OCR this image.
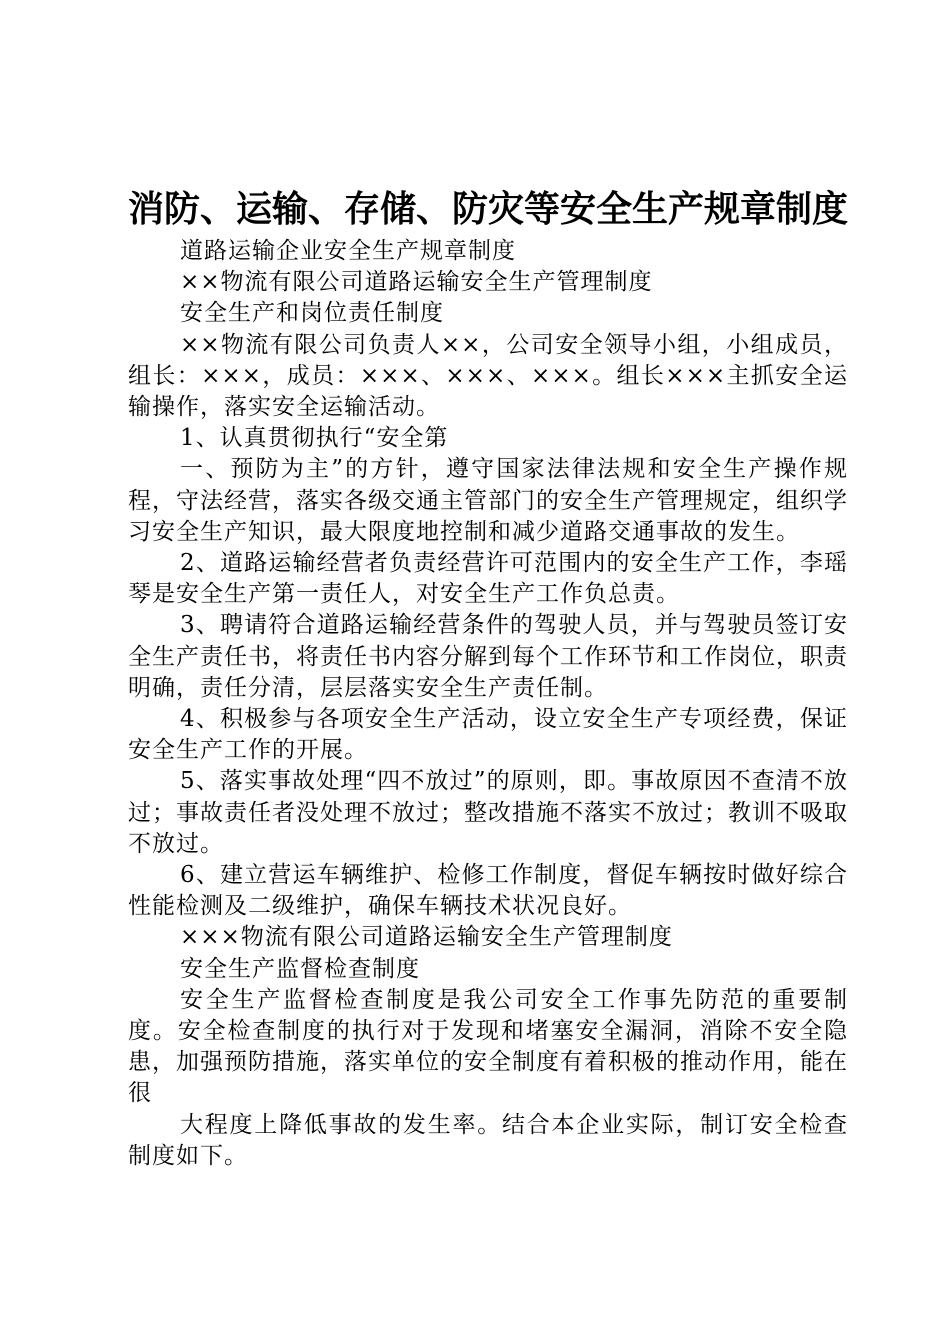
消防、运输、存储、防灾等安全生产规章制度

道路运输企业安全生产规章制度

××物流有限公司道路运输安全生产管理制度

安全生产和岗位责任制度

××物流有限公司负责人××，公司安全领导小组，小组成员，组长：×××，成员：×××、×××、×××。组长×××主抓安全运输操作，落实安全运输活动。

1、认真贯彻执行“安全第

一、预防为主”的方针，遵守国家法律法规和安全生产操作规程，守法经营，落实各级交通主管部门的安全生产管理规定，组织学习安全生产知识，最大限度地控制和减少道路交通事故的发生。

2、道路运输经营者负责经营许可范围内的安全生产工作，李瑶琴是安全生产第一责任人，对安全生产工作负总责。

3、聘请符合道路运输经营条件的驾驶人员，并与驾驶员签订安全生产责任书，将责任书内容分解到每个工作环节和工作岗位，职责明确，责任分清，层层落实安全生产责任制。

4、积极参与各项安全生产活动，设立安全生产专项经费，保证安全生产工作的开展。

5、落实事故处理“四不放过”的原则，即。事故原因不查清不放过；事故责任者没处理不放过；整改措施不落实不放过；教训不吸取不放过。

6、建立营运车辆维护、检修工作制度，督促车辆按时做好综合性能检测及二级维护，确保车辆技术状况良好。

×××物流有限公司道路运输安全生产管理制度

安全生产监督检查制度

安全生产监督检查制度是我公司安全工作事先防范的重要制度。安全检查制度的执行对于发现和堵塞安全漏洞，消除不安全隐患，加强预防措施，落实单位的安全制度有着积极的推动作用，能在很

大程度上降低事故的发生率。结合本企业实际，制订安全检查制度如下。
